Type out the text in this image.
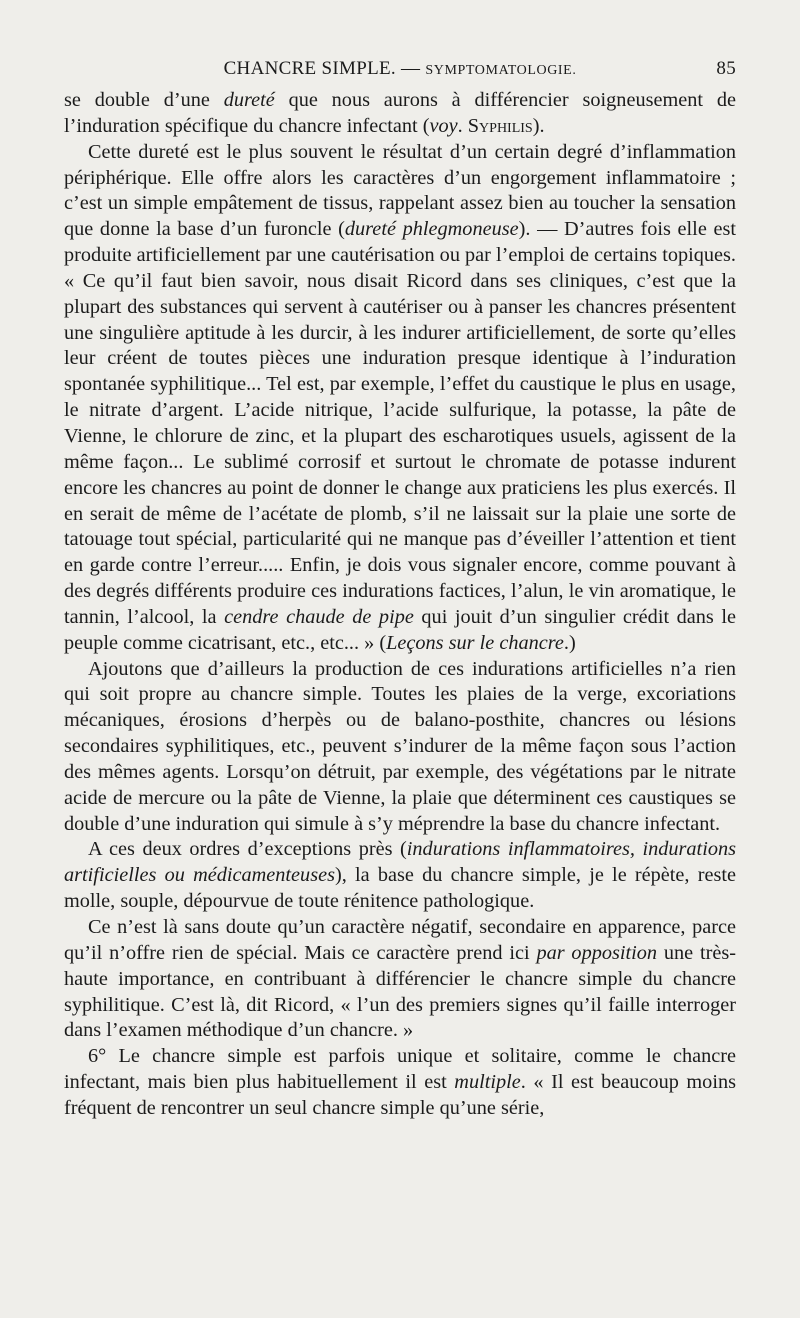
CHANCRE SIMPLE. — SYMPTOMATOLOGIE.	85

se double d’une dureté que nous aurons à différencier soigneusement de l’induration spécifique du chancre infectant (voy. Syphilis).

Cette dureté est le plus souvent le résultat d’un certain degré d’inflammation périphérique. Elle offre alors les caractères d’un engorgement inflammatoire ; c’est un simple empâtement de tissus, rappelant assez bien au toucher la sensation que donne la base d’un furoncle (dureté phlegmoneuse). — D’autres fois elle est produite artificiellement par une cautérisation ou par l’emploi de certains topiques. « Ce qu’il faut bien savoir, nous disait Ricord dans ses cliniques, c’est que la plupart des substances qui servent à cautériser ou à panser les chancres présentent une singulière aptitude à les durcir, à les indurer artificiellement, de sorte qu’elles leur créent de toutes pièces une induration presque identique à l’induration spontanée syphilitique... Tel est, par exemple, l’effet du caustique le plus en usage, le nitrate d’argent. L’acide nitrique, l’acide sulfurique, la potasse, la pâte de Vienne, le chlorure de zinc, et la plupart des escharotiques usuels, agissent de la même façon... Le sublimé corrosif et surtout le chromate de potasse indurent encore les chancres au point de donner le change aux praticiens les plus exercés. Il en serait de même de l’acétate de plomb, s’il ne laissait sur la plaie une sorte de tatouage tout spécial, particularité qui ne manque pas d’éveiller l’attention et tient en garde contre l’erreur..... Enfin, je dois vous signaler encore, comme pouvant à des degrés différents produire ces indurations factices, l’alun, le vin aromatique, le tannin, l’alcool, la cendre chaude de pipe qui jouit d’un singulier crédit dans le peuple comme cicatrisant, etc., etc... » (Leçons sur le chancre.)

Ajoutons que d’ailleurs la production de ces indurations artificielles n’a rien qui soit propre au chancre simple. Toutes les plaies de la verge, excoriations mécaniques, érosions d’herpès ou de balano-posthite, chancres ou lésions secondaires syphilitiques, etc., peuvent s’indurer de la même façon sous l’action des mêmes agents. Lorsqu’on détruit, par exemple, des végétations par le nitrate acide de mercure ou la pâte de Vienne, la plaie que déterminent ces caustiques se double d’une induration qui simule à s’y méprendre la base du chancre infectant.

A ces deux ordres d’exceptions près (indurations inflammatoires, indurations artificielles ou médicamenteuses), la base du chancre simple, je le répète, reste molle, souple, dépourvue de toute rénitence pathologique.

Ce n’est là sans doute qu’un caractère négatif, secondaire en apparence, parce qu’il n’offre rien de spécial. Mais ce caractère prend ici par opposition une très-haute importance, en contribuant à différencier le chancre simple du chancre syphilitique. C’est là, dit Ricord, « l’un des premiers signes qu’il faille interroger dans l’examen méthodique d’un chancre. »

6° Le chancre simple est parfois unique et solitaire, comme le chancre infectant, mais bien plus habituellement il est multiple. « Il est beaucoup moins fréquent de rencontrer un seul chancre simple qu’une série,
